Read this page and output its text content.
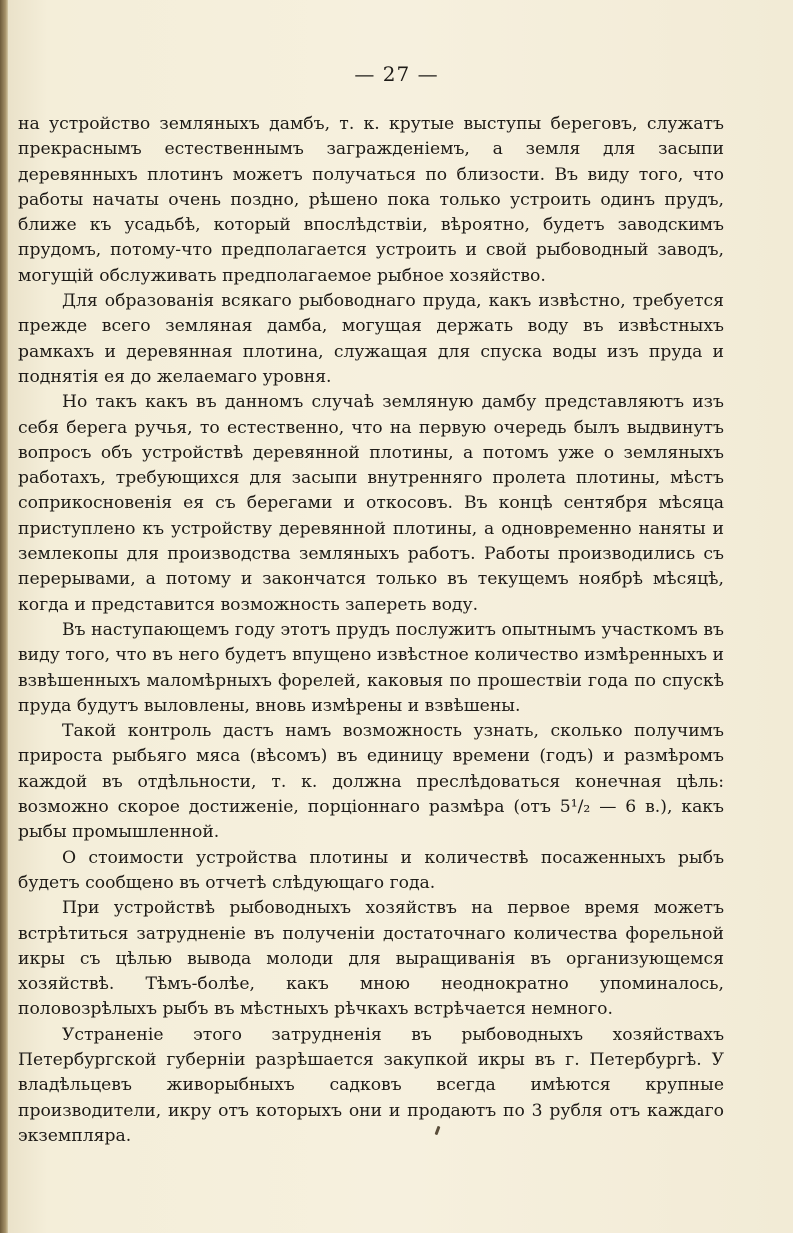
— 27 —

на устройство земляныхъ дамбъ, т. к. крутые выступы береговъ, служатъ прекраснымъ естественнымъ загражденіемъ, а земля для засыпи деревянныхъ плотинъ можетъ получаться по близости. Въ виду того, что работы начаты очень поздно, рѣшено пока только устроить одинъ прудъ, ближе къ усадьбѣ, который впослѣдствіи, вѣроятно, будетъ заводскимъ прудомъ, потому-что предполагается устроить и свой рыбоводный заводъ, могущій обслуживать предполагаемое рыбное хозяйство.

Для образованія всякаго рыбоводнаго пруда, какъ извѣстно, требуется прежде всего земляная дамба, могущая держать воду въ извѣстныхъ рамкахъ и деревянная плотина, служащая для спуска воды изъ пруда и поднятія ея до желаемаго уровня.

Но такъ какъ въ данномъ случаѣ земляную дамбу представляютъ изъ себя берега ручья, то естественно, что на первую очередь былъ выдвинутъ вопросъ объ устройствѣ деревянной плотины, а потомъ уже о земляныхъ работахъ, требующихся для засыпи внутренняго пролета плотины, мѣстъ соприкосновенія ея съ берегами и откосовъ. Въ концѣ сентября мѣсяца приступлено къ устройству деревянной плотины, а одновременно наняты и землекопы для производства земляныхъ работъ. Работы производились съ перерывами, а потому и закончатся только въ текущемъ ноябрѣ мѣсяцѣ, когда и представится возможность запереть воду.

Въ наступающемъ году этотъ прудъ послужитъ опытнымъ участкомъ въ виду того, что въ него будетъ впущено извѣстное количество измѣренныхъ и взвѣшенныхъ маломѣрныхъ форелей, каковыя по прошествіи года по спускѣ пруда будутъ выловлены, вновь измѣрены и взвѣшены.

Такой контроль дастъ намъ возможность узнать, сколько получимъ прироста рыбьяго мяса (вѣсомъ) въ единицу времени (годъ) и размѣромъ каждой въ отдѣльности, т. к. должна преслѣдоваться конечная цѣль: возможно скорое достиженіе, порціоннаго размѣра (отъ 5¹/₂ — 6 в.), какъ рыбы промышленной.

О стоимости устройства плотины и количествѣ посаженныхъ рыбъ будетъ сообщено въ отчетѣ слѣдующаго года.

При устройствѣ рыбоводныхъ хозяйствъ на первое время можетъ встрѣтиться затрудненіе въ полученіи достаточнаго количества форельной икры съ цѣлью вывода молоди для выращиванія въ организующемся хозяйствѣ. Тѣмъ-болѣе, какъ мною неоднократно упоминалось, половозрѣлыхъ рыбъ въ мѣстныхъ рѣчкахъ встрѣчается немного.

Устраненіе этого затрудненія въ рыбоводныхъ хозяйствахъ Петербургской губерніи разрѣшается закупкой икры въ г. Петербургѣ. У владѣльцевъ живорыбныхъ садковъ всегда имѣются крупные производители, икру отъ которыхъ они и продаютъ по 3 рубля отъ каждаго экземпляра.
